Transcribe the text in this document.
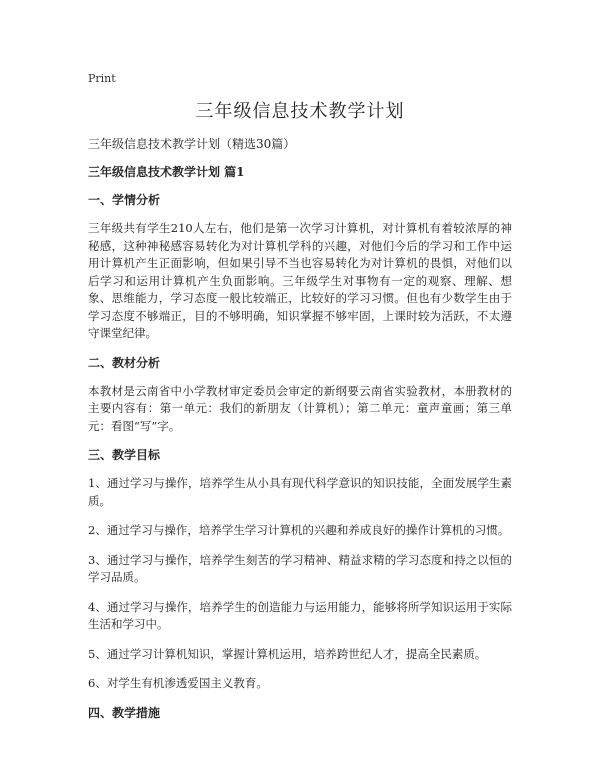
Print
三年级信息技术教学计划

三年级信息技术教学计划（精选30篇）

三年级信息技术教学计划 篇1

一、学情分析

三年级共有学生210人左右，他们是第一次学习计算机，对计算机有着较浓厚的神秘感，这种神秘感容易转化为对计算机学科的兴趣，对他们今后的学习和工作中运用计算机产生正面影响，但如果引导不当也容易转化为对计算机的畏惧，对他们以后学习和运用计算机产生负面影响。三年级学生对事物有一定的观察、理解、想象、思维能力，学习态度一般比较端正，比较好的学习习惯。但也有少数学生由于学习态度不够端正，目的不够明确，知识掌握不够牢固，上课时较为活跃，不太遵守课堂纪律。

二、教材分析

本教材是云南省中小学教材审定委员会审定的新纲要云南省实验教材，本册教材的主要内容有：第一单元：我们的新朋友（计算机）；第二单元：童声童画；第三单元：看图“写”字。

三、教学目标

1、通过学习与操作，培养学生从小具有现代科学意识的知识技能，全面发展学生素质。

2、通过学习与操作，培养学生学习计算机的兴趣和养成良好的操作计算机的习惯。

3、通过学习与操作，培养学生刻苦的学习精神、精益求精的学习态度和持之以恒的学习品质。

4、通过学习与操作，培养学生的创造能力与运用能力，能够将所学知识运用于实际生活和学习中。

5、通过学习计算机知识，掌握计算机运用，培养跨世纪人才，提高全民素质。

6、对学生有机渗透爱国主义教育。

四、教学措施
